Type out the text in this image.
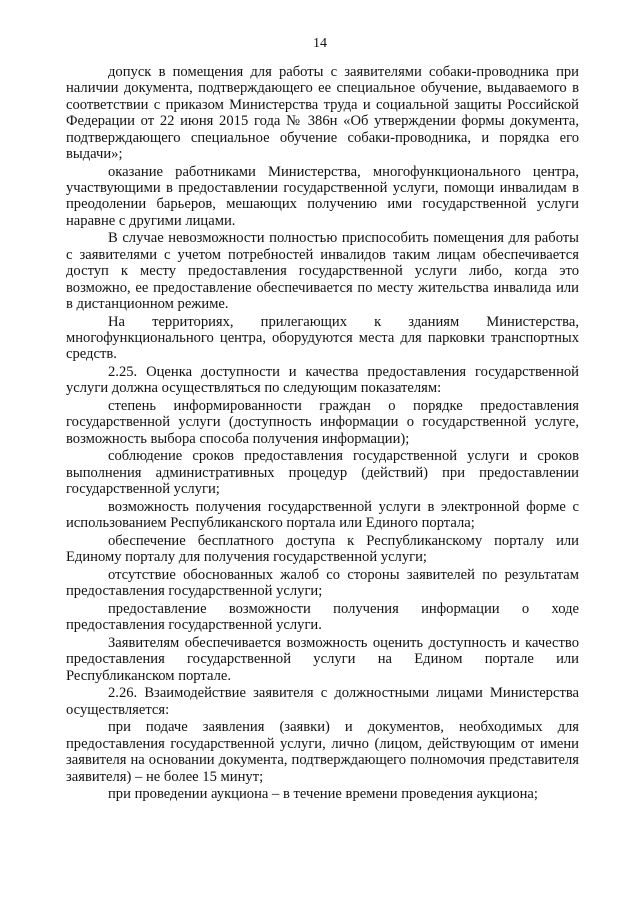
14

допуск в помещения для работы с заявителями собаки-проводника при наличии документа, подтверждающего ее специальное обучение, выдаваемого в соответствии с приказом Министерства труда и социальной защиты Российской Федерации от 22 июня 2015 года № 386н «Об утверждении формы документа, подтверждающего специальное обучение собаки-проводника, и порядка его выдачи»;

оказание работниками Министерства, многофункционального центра, участвующими в предоставлении государственной услуги, помощи инвалидам в преодолении барьеров, мешающих получению ими государственной услуги наравне с другими лицами.

В случае невозможности полностью приспособить помещения для работы с заявителями с учетом потребностей инвалидов таким лицам обеспечивается доступ к месту предоставления государственной услуги либо, когда это возможно, ее предоставление обеспечивается по месту жительства инвалида или в дистанционном режиме.

На территориях, прилегающих к зданиям Министерства, многофункционального центра, оборудуются места для парковки транспортных средств.

2.25. Оценка доступности и качества предоставления государственной услуги должна осуществляться по следующим показателям:

степень информированности граждан о порядке предоставления государственной услуги (доступность информации о государственной услуге, возможность выбора способа получения информации);

соблюдение сроков предоставления государственной услуги и сроков выполнения административных процедур (действий) при предоставлении государственной услуги;

возможность получения государственной услуги в электронной форме с использованием Республиканского портала или Единого портала;

обеспечение бесплатного доступа к Республиканскому порталу или Единому порталу для получения государственной услуги;

отсутствие обоснованных жалоб со стороны заявителей по результатам предоставления государственной услуги;

предоставление возможности получения информации о ходе предоставления государственной услуги.

Заявителям обеспечивается возможность оценить доступность и качество предоставления государственной услуги на Едином портале или Республиканском портале.

2.26. Взаимодействие заявителя с должностными лицами Министерства осуществляется:

при подаче заявления (заявки) и документов, необходимых для предоставления государственной услуги, лично (лицом, действующим от имени заявителя на основании документа, подтверждающего полномочия представителя заявителя) – не более 15 минут;

при проведении аукциона – в течение времени проведения аукциона;
